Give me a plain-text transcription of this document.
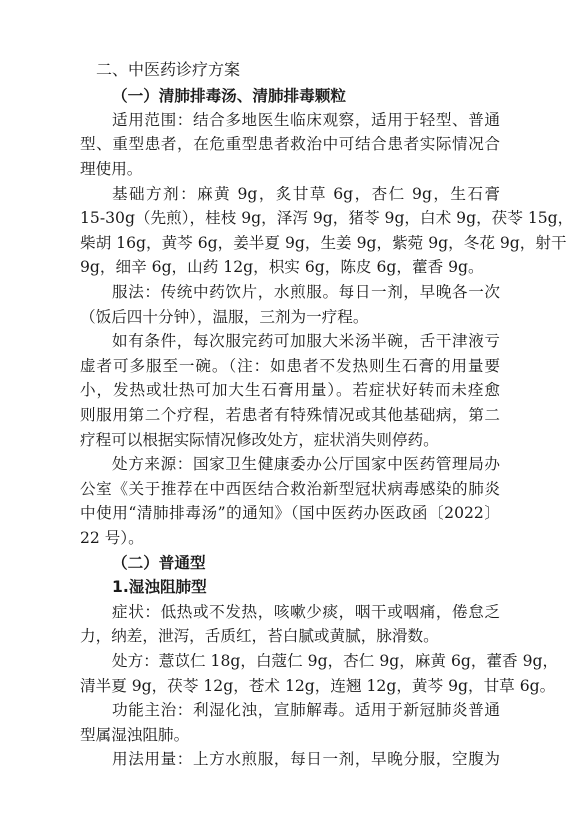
二、中医药诊疗方案
（一）清肺排毒汤、清肺排毒颗粒
适用范围：结合多地医生临床观察，适用于轻型、普通
型、重型患者，在危重型患者救治中可结合患者实际情况合
理使用。
基础方剂：麻黄 9g，炙甘草 6g，杏仁 9g，生石膏
15-30g（先煎），桂枝 9g，泽泻 9g，猪苓 9g，白术 9g，茯苓 15g，
柴胡 16g，黄芩 6g，姜半夏 9g，生姜 9g，紫菀 9g，冬花 9g，射干
9g，细辛 6g，山药 12g，枳实 6g，陈皮 6g，藿香 9g。
服法：传统中药饮片，水煎服。每日一剂，早晚各一次
（饭后四十分钟），温服，三剂为一疗程。
如有条件，每次服完药可加服大米汤半碗，舌干津液亏
虚者可多服至一碗。（注：如患者不发热则生石膏的用量要
小，发热或壮热可加大生石膏用量）。若症状好转而未痊愈
则服用第二个疗程，若患者有特殊情况或其他基础病，第二
疗程可以根据实际情况修改处方，症状消失则停药。
处方来源：国家卫生健康委办公厅国家中医药管理局办
公室《关于推荐在中西医结合救治新型冠状病毒感染的肺炎
中使用“清肺排毒汤”的通知》（国中医药办医政函〔2022〕
22 号）。
（二）普通型
1.湿浊阻肺型
症状：低热或不发热，咳嗽少痰，咽干或咽痛，倦怠乏
力，纳差，泄泻，舌质红，苔白腻或黄腻，脉滑数。
处方：薏苡仁 18g，白蔻仁 9g，杏仁 9g，麻黄 6g，藿香 9g，
清半夏 9g，茯苓 12g，苍术 12g，连翘 12g，黄芩 9g，甘草 6g。
功能主治：利湿化浊，宣肺解毒。适用于新冠肺炎普通
型属湿浊阻肺。
用法用量：上方水煎服，每日一剂，早晚分服，空腹为
